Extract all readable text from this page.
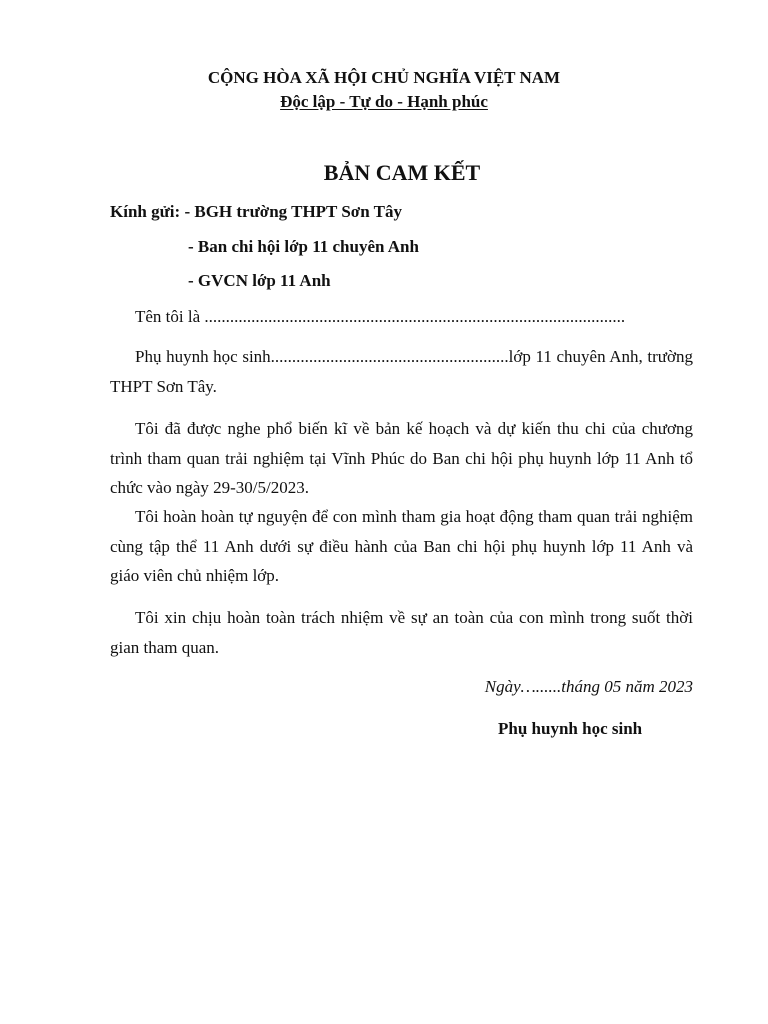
CỘNG HÒA XÃ HỘI CHỦ NGHĨA VIỆT NAM
Độc lập - Tự do - Hạnh phúc
BẢN CAM KẾT
Kính gửi: - BGH trường THPT Sơn Tây
- Ban chi hội lớp 11 chuyên Anh
- GVCN lớp 11 Anh

Tên tôi là ...................................................................................................

Phụ huynh học sinh........................................................lớp 11 chuyên Anh, trường THPT Sơn Tây.

Tôi đã được nghe phổ biến kĩ về bản kế hoạch và dự kiến thu chi của chương trình tham quan trải nghiệm tại Vĩnh Phúc do Ban chi hội phụ huynh lớp 11 Anh tổ chức vào ngày 29-30/5/2023.

Tôi hoàn hoàn tự nguyện để con mình tham gia hoạt động tham quan trải nghiệm cùng tập thể 11 Anh dưới sự điều hành của Ban chi hội phụ huynh lớp 11 Anh và giáo viên chủ nhiệm lớp.

Tôi xin chịu hoàn toàn trách nhiệm về sự an toàn của con mình trong suốt thời gian tham quan.

Ngày…......tháng 05 năm 2023
Phụ huynh học sinh
